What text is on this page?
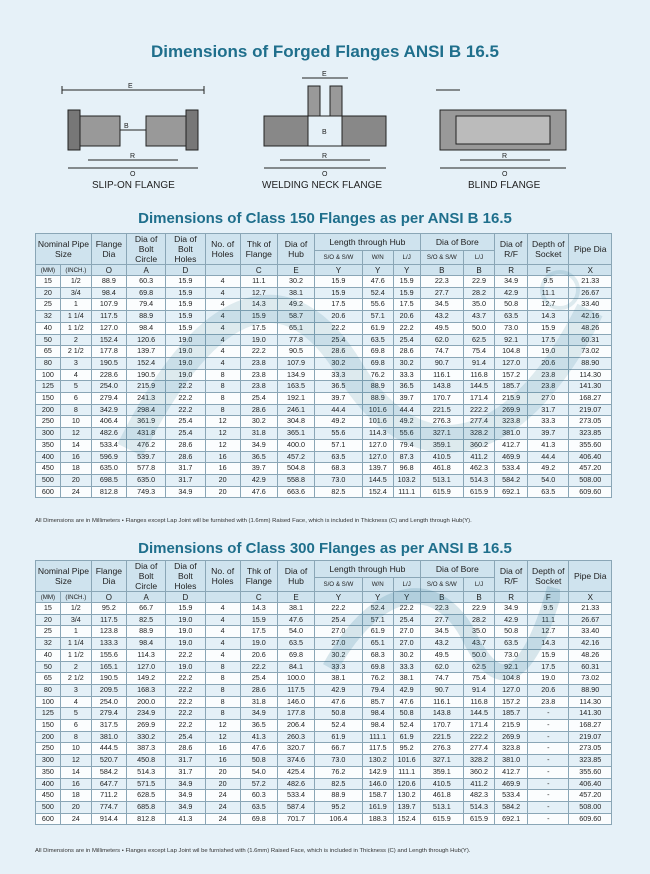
Dimensions of Forged Flanges ANSI B 16.5
B
R
O
E
SLIP-ON FLANGE
E
B
R
O
WELDING NECK FLANGE
R
O
BLIND FLANGE
Dimensions of Class 150 Flanges as per ANSI B 16.5
Nominal Pipe Size		Flange Dia	Dia of Bolt Circle	Dia of Bolt Holes	No. of Holes	Thk of Flange	Dia of Hub	Length through Hub			Dia of Bore		Dia of R/F	Depth of Socket	Pipe Dia
								S/O & S/W	W/N	L/J	S/O & S/W	L/J			
(MM)	(INCH.)	O	A	D		C	E	Y	Y	Y	B	B	R	F	X
15	1/2	88.9	60.3	15.9	4	11.1	30.2	15.9	47.6	15.9	22.3	22.9	34.9	9.5	21.33
20	3/4	98.4	69.8	15.9	4	12.7	38.1	15.9	52.4	15.9	27.7	28.2	42.9	11.1	26.67
25	1	107.9	79.4	15.9	4	14.3	49.2	17.5	55.6	17.5	34.5	35.0	50.8	12.7	33.40
32	1 1/4	117.5	88.9	15.9	4	15.9	58.7	20.6	57.1	20.6	43.2	43.7	63.5	14.3	42.16
40	1 1/2	127.0	98.4	15.9	4	17.5	65.1	22.2	61.9	22.2	49.5	50.0	73.0	15.9	48.26
50	2	152.4	120.6	19.0	4	19.0	77.8	25.4	63.5	25.4	62.0	62.5	92.1	17.5	60.31
65	2 1/2	177.8	139.7	19.0	4	22.2	90.5	28.6	69.8	28.6	74.7	75.4	104.8	19.0	73.02
80	3	190.5	152.4	19.0	4	23.8	107.9	30.2	69.8	30.2	90.7	91.4	127.0	20.6	88.90
100	4	228.6	190.5	19.0	8	23.8	134.9	33.3	76.2	33.3	116.1	116.8	157.2	23.8	114.30
125	5	254.0	215.9	22.2	8	23.8	163.5	36.5	88.9	36.5	143.8	144.5	185.7	23.8	141.30
150	6	279.4	241.3	22.2	8	25.4	192.1	39.7	88.9	39.7	170.7	171.4	215.9	27.0	168.27
200	8	342.9	298.4	22.2	8	28.6	246.1	44.4	101.6	44.4	221.5	222.2	269.9	31.7	219.07
250	10	406.4	361.9	25.4	12	30.2	304.8	49.2	101.6	49.2	276.3	277.4	323.8	33.3	273.05
300	12	482.6	431.8	25.4	12	31.8	365.1	55.6	114.3	55.6	327.1	328.2	381.0	39.7	323.85
350	14	533.4	476.2	28.6	12	34.9	400.0	57.1	127.0	79.4	359.1	360.2	412.7	41.3	355.60
400	16	596.9	539.7	28.6	16	36.5	457.2	63.5	127.0	87.3	410.5	411.2	469.9	44.4	406.40
450	18	635.0	577.8	31.7	16	39.7	504.8	68.3	139.7	96.8	461.8	462.3	533.4	49.2	457.20
500	20	698.5	635.0	31.7	20	42.9	558.8	73.0	144.5	103.2	513.1	514.3	584.2	54.0	508.00
600	24	812.8	749.3	34.9	20	47.6	663.6	82.5	152.4	111.1	615.9	615.9	692.1	63.5	609.60
All Dimensions are in Millimeters • Flanges except Lap Joint will be furnished with (1.6mm) Raised Face, which is included in Thickness (C) and Length through Hub(Y).
Dimensions of Class 300 Flanges as per ANSI B 16.5
Nominal Pipe Size		Flange Dia	Dia of Bolt Circle	Dia of Bolt Holes	No. of Holes	Thk of Flange	Dia of Hub	Length through Hub			Dia of Bore		Dia of R/F	Depth of Socket	Pipe Dia
								S/O & S/W	W/N	L/J	S/O & S/W	L/J			
(MM)	(INCH.)	O	A	D		C	E	Y	Y	Y	B	B	R	F	X
15	1/2	95.2	66.7	15.9	4	14.3	38.1	22.2	52.4	22.2	22.3	22.9	34.9	9.5	21.33
20	3/4	117.5	82.5	19.0	4	15.9	47.6	25.4	57.1	25.4	27.7	28.2	42.9	11.1	26.67
25	1	123.8	88.9	19.0	4	17.5	54.0	27.0	61.9	27.0	34.5	35.0	50.8	12.7	33.40
32	1 1/4	133.3	98.4	19.0	4	19.0	63.5	27.0	65.1	27.0	43.2	43.7	63.5	14.3	42.16
40	1 1/2	155.6	114.3	22.2	4	20.6	69.8	30.2	68.3	30.2	49.5	50.0	73.0	15.9	48.26
50	2	165.1	127.0	19.0	8	22.2	84.1	33.3	69.8	33.3	62.0	62.5	92.1	17.5	60.31
65	2 1/2	190.5	149.2	22.2	8	25.4	100.0	38.1	76.2	38.1	74.7	75.4	104.8	19.0	73.02
80	3	209.5	168.3	22.2	8	28.6	117.5	42.9	79.4	42.9	90.7	91.4	127.0	20.6	88.90
100	4	254.0	200.0	22.2	8	31.8	146.0	47.6	85.7	47.6	116.1	116.8	157.2	23.8	114.30
125	5	279.4	234.9	22.2	8	34.9	177.8	50.8	98.4	50.8	143.8	144.5	185.7	-	141.30
150	6	317.5	269.9	22.2	12	36.5	206.4	52.4	98.4	52.4	170.7	171.4	215.9	-	168.27
200	8	381.0	330.2	25.4	12	41.3	260.3	61.9	111.1	61.9	221.5	222.2	269.9	-	219.07
250	10	444.5	387.3	28.6	16	47.6	320.7	66.7	117.5	95.2	276.3	277.4	323.8	-	273.05
300	12	520.7	450.8	31.7	16	50.8	374.6	73.0	130.2	101.6	327.1	328.2	381.0	-	323.85
350	14	584.2	514.3	31.7	20	54.0	425.4	76.2	142.9	111.1	359.1	360.2	412.7	-	355.60
400	16	647.7	571.5	34.9	20	57.2	482.6	82.5	146.0	120.6	410.5	411.2	469.9	-	406.40
450	18	711.2	628.5	34.9	24	60.3	533.4	88.9	158.7	130.2	461.8	482.3	533.4	-	457.20
500	20	774.7	685.8	34.9	24	63.5	587.4	95.2	161.9	139.7	513.1	514.3	584.2	-	508.00
600	24	914.4	812.8	41.3	24	69.8	701.7	106.4	188.3	152.4	615.9	615.9	692.1	-	609.60
All Dimensions are in Millimeters • Flanges except Lap Joint wil be furnished with (1.6mm) Raised Face, which is included in Thickness (C) and Length through Hub(Y).
